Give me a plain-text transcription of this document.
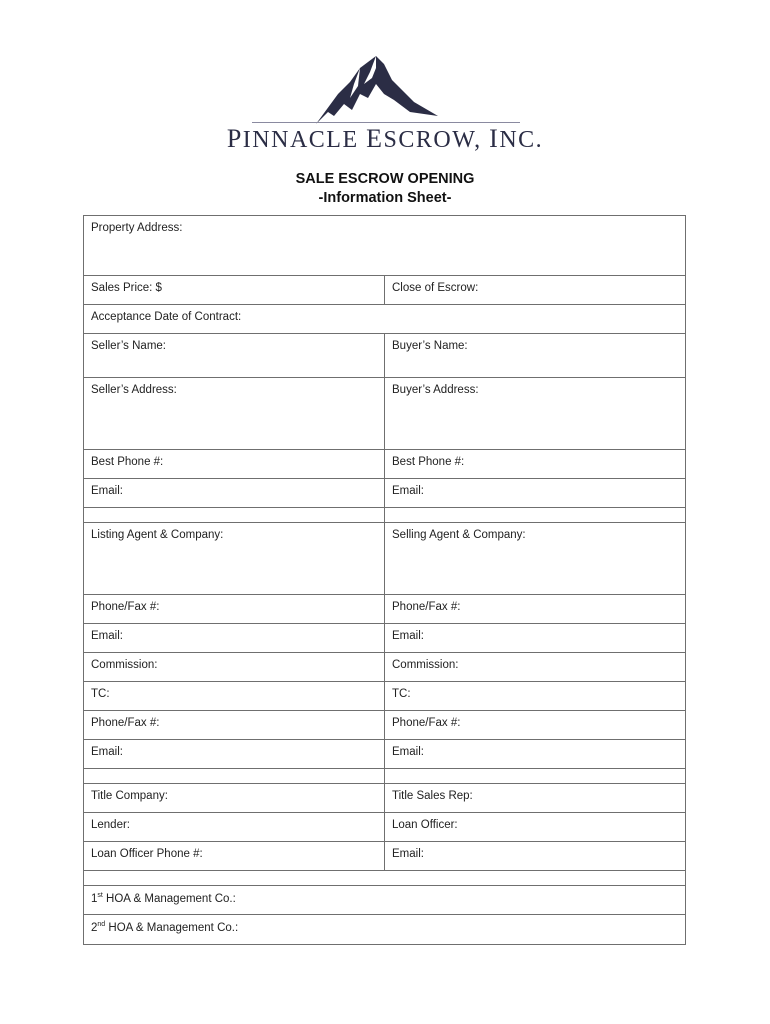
PINNACLE ESCROW, INC.
SALE ESCROW OPENING
-Information Sheet-
Property Address:
Sales Price: $	Close of Escrow:
Acceptance Date of Contract:
Seller’s Name:	Buyer’s Name:
Seller’s Address:	Buyer’s Address:
Best Phone #:	Best Phone #:
Email:	Email:
Listing Agent & Company:	Selling Agent & Company:
Phone/Fax #:	Phone/Fax #:
Email:	Email:
Commission:	Commission:
TC:	TC:
Phone/Fax #:	Phone/Fax #:
Email:	Email:
Title Company:	Title Sales Rep:
Lender:	Loan Officer:
Loan Officer Phone #:	Email:
1st HOA & Management Co.:
2nd HOA & Management Co.:
